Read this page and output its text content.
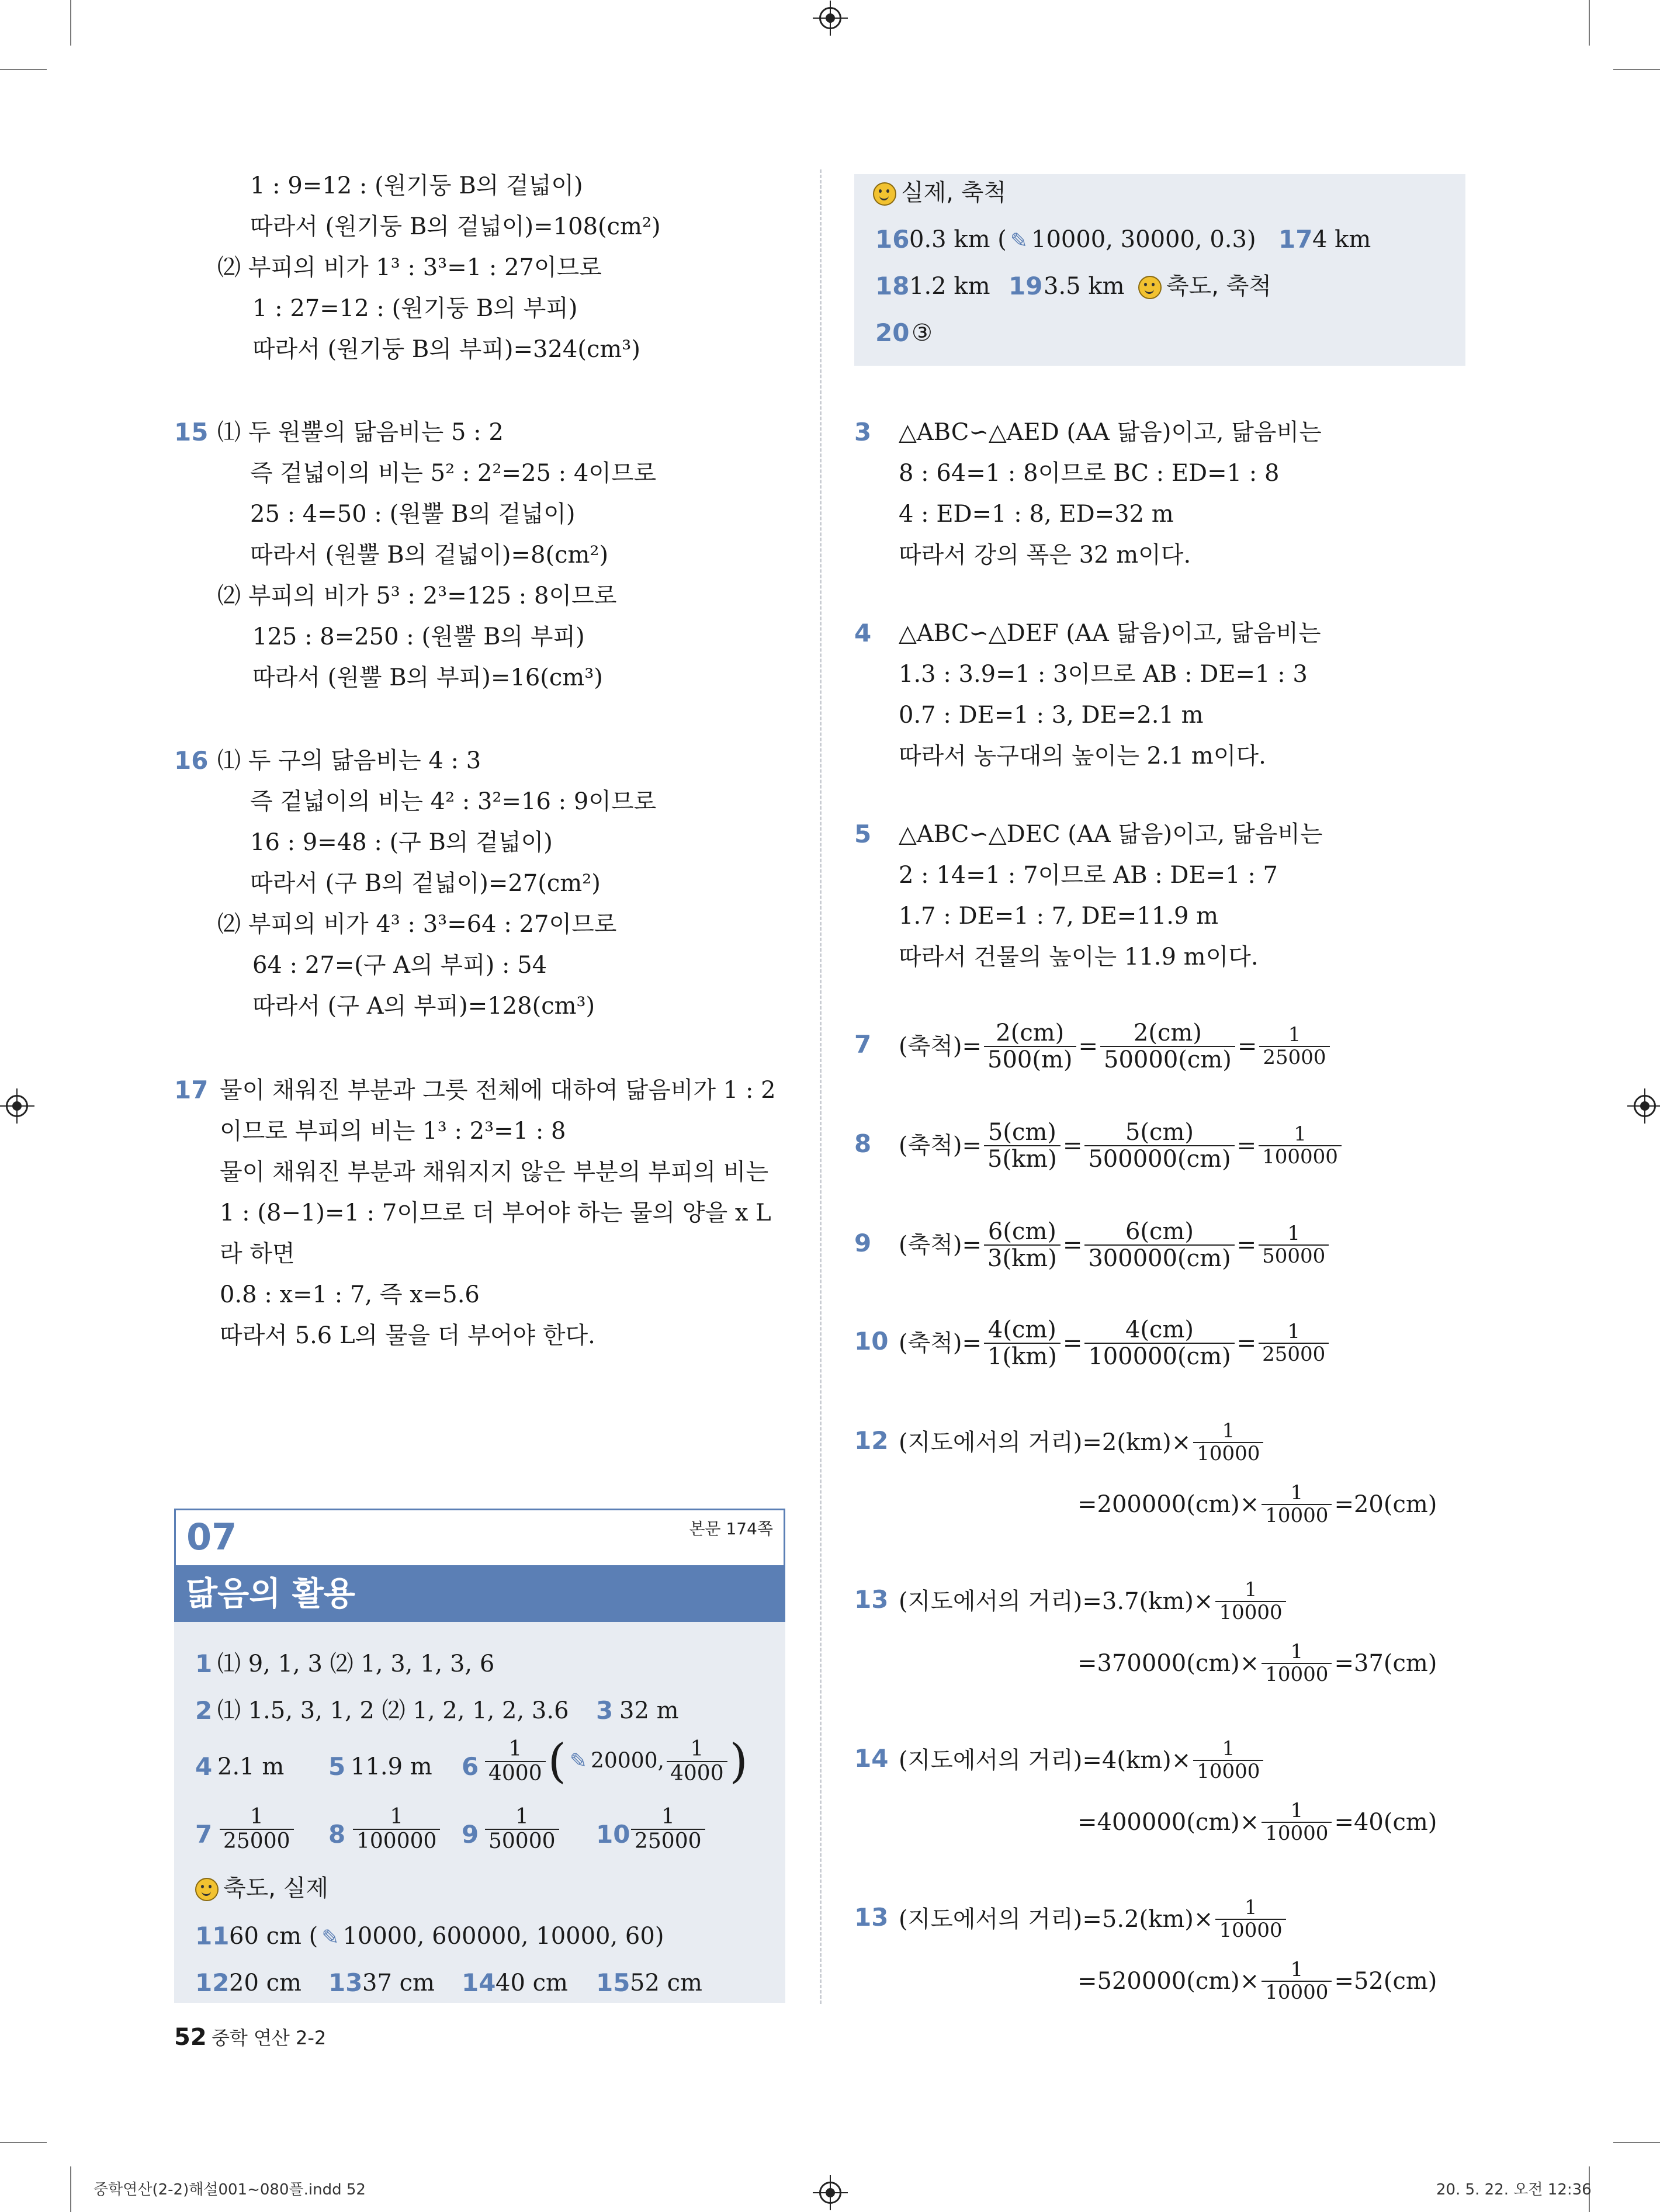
1 : 9=12 : (원기둥 B의 겉넓이)
따라서 (원기둥 B의 겉넓이)=108(cm²)
⑵ 부피의 비가 1³ : 3³=1 : 27이므로
1 : 27=12 : (원기둥 B의 부피)
따라서 (원기둥 B의 부피)=324(cm³)
15 ⑴ 두 원뿔의 닮음비는 5 : 2
즉 겉넓이의 비는 5² : 2²=25 : 4이므로
25 : 4=50 : (원뿔 B의 겉넓이)
따라서 (원뿔 B의 겉넓이)=8(cm²)
⑵ 부피의 비가 5³ : 2³=125 : 8이므로
125 : 8=250 : (원뿔 B의 부피)
따라서 (원뿔 B의 부피)=16(cm³)
16 ⑴ 두 구의 닮음비는 4 : 3
즉 겉넓이의 비는 4² : 3²=16 : 9이므로
16 : 9=48 : (구 B의 겉넓이)
따라서 (구 B의 겉넓이)=27(cm²)
⑵ 부피의 비가 4³ : 3³=64 : 27이므로
64 : 27=(구 A의 부피) : 54
따라서 (구 A의 부피)=128(cm³)
17 물이 채워진 부분과 그릇 전체에 대하여 닮음비가 1 : 2
이므로 부피의 비는 1³ : 2³=1 : 8
물이 채워진 부분과 채워지지 않은 부분의 부피의 비는
1 : (8−1)=1 : 7이므로 더 부어야 하는 물의 양을 x L
라 하면
0.8 : x=1 : 7, 즉 x=5.6
따라서 5.6 L의 물을 더 부어야 한다.
07	본문 174쪽
닮음의 활용
1 ⑴ 9, 1, 3 ⑵ 1, 3, 1, 3, 6
2 ⑴ 1.5, 3, 1, 2 ⑵ 1, 2, 1, 2, 3.6 3 32 m
4 2.1 m 5 11.9 m $6 \frac{1}{4000}$ ( ✎ 20000, $\frac{1}{4000}$ )
$7 \frac{1}{25000} 8 \frac{1}{100000} 9 \frac{1}{50000} 10 \frac{1}{25000}$
축도, 실제
11 60 cm ( ✎ 10000, 600000, 10000, 60)
12 20 cm 13 37 cm 14 40 cm 15 52 cm
실제, 축척
16 0.3 km ( ✎ 10000, 30000, 0.3) 17 4 km
18 1.2 km 19 3.5 km	축도, 축척
20 ③
3 △ABC∽△AED (AA 닮음)이고, 닮음비는
8 : 64=1 : 8이므로 BC : ED=1 : 8
4 : ED=1 : 8, ED=32 m
따라서 강의 폭은 32 m이다.
4 △ABC∽△DEF (AA 닮음)이고, 닮음비는
1.3 : 3.9=1 : 3이므로 AB : DE=1 : 3
0.7 : DE=1 : 3, DE=2.1 m
따라서 농구대의 높이는 2.1 m이다.
5 △ABC∽△DEC (AA 닮음)이고, 닮음비는
2 : 14=1 : 7이므로 AB : DE=1 : 7
1.7 : DE=1 : 7, DE=11.9 m
따라서 건물의 높이는 11.9 m이다.
7 (축척)= $\frac{2(cm)}{500(m)} = \frac{2(cm)}{50000(cm)} = \frac{1}{25000}$
8 (축척)= $\frac{5(cm)}{5(km)} = \frac{5(cm)}{500000(cm)} = \frac{1}{100000}$
9 (축척)= $\frac{6(cm)}{3(km)} = \frac{6(cm)}{300000(cm)} = \frac{1}{50000}$
10 (축척)= $\frac{4(cm)}{1(km)} = \frac{4(cm)}{100000(cm)} = \frac{1}{25000}$
12 (지도에서의 거리)$=2(km)\times \frac{1}{10000}$
$=200000(cm)\times \frac{1}{10000} =20(cm)$
13 (지도에서의 거리)$=3.7(km)\times \frac{1}{10000}$
$=370000(cm)\times \frac{1}{10000} =37(cm)$
14 (지도에서의 거리)$=4(km)\times \frac{1}{10000}$
$=400000(cm)\times \frac{1}{10000} =40(cm)$
13 (지도에서의 거리)$=5.2(km)\times \frac{1}{10000}$
$=520000(cm)\times \frac{1}{10000} =52(cm)$
52 중학 연산 2-2
중학연산(2-2)해설001~080플.indd 52	20. 5. 22. 오전 12:36
